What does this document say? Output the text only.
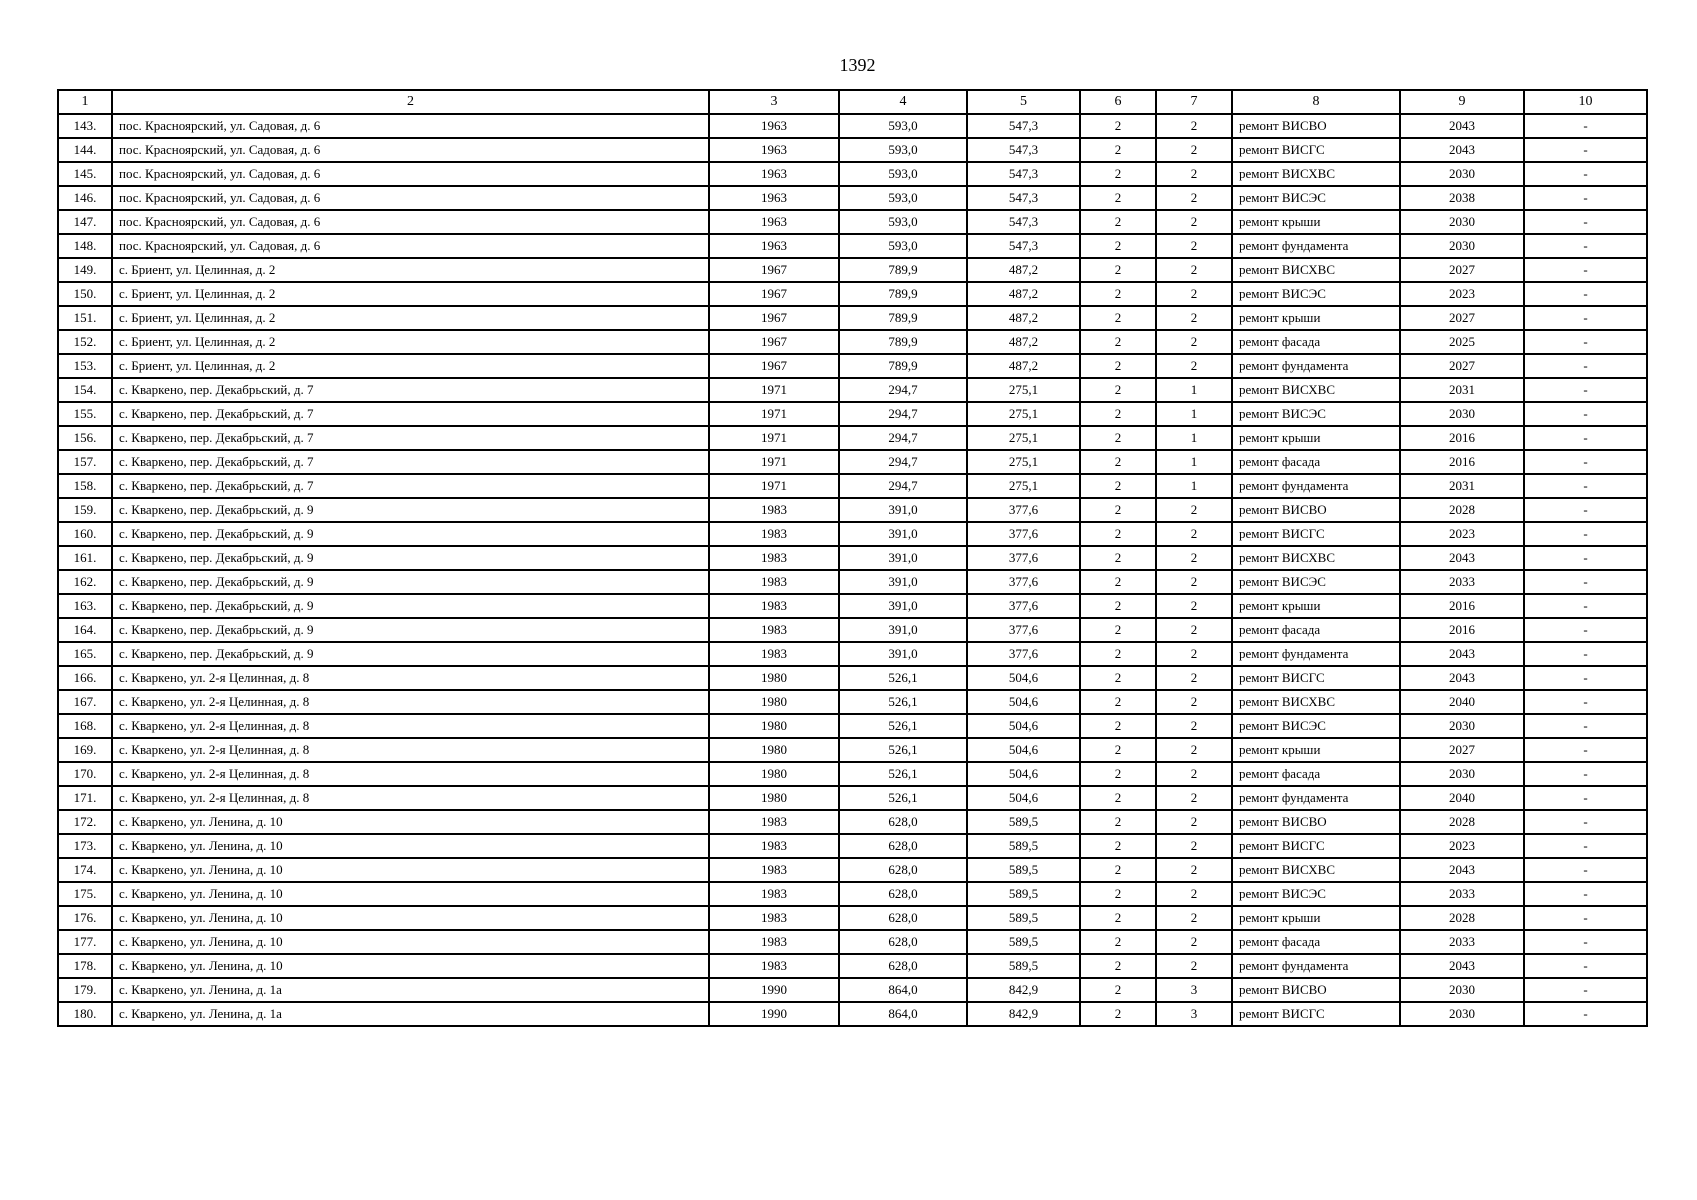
1392
1	2	3	4	5	6	7	8	9	10
143.	пос. Красноярский, ул. Садовая, д. 6	1963	593,0	547,3	2	2	ремонт ВИСВО	2043	-
144.	пос. Красноярский, ул. Садовая, д. 6	1963	593,0	547,3	2	2	ремонт ВИСГС	2043	-
145.	пос. Красноярский, ул. Садовая, д. 6	1963	593,0	547,3	2	2	ремонт ВИСХВС	2030	-
146.	пос. Красноярский, ул. Садовая, д. 6	1963	593,0	547,3	2	2	ремонт ВИСЭС	2038	-
147.	пос. Красноярский, ул. Садовая, д. 6	1963	593,0	547,3	2	2	ремонт крыши	2030	-
148.	пос. Красноярский, ул. Садовая, д. 6	1963	593,0	547,3	2	2	ремонт фундамента	2030	-
149.	с. Бриент, ул. Целинная, д. 2	1967	789,9	487,2	2	2	ремонт ВИСХВС	2027	-
150.	с. Бриент, ул. Целинная, д. 2	1967	789,9	487,2	2	2	ремонт ВИСЭС	2023	-
151.	с. Бриент, ул. Целинная, д. 2	1967	789,9	487,2	2	2	ремонт крыши	2027	-
152.	с. Бриент, ул. Целинная, д. 2	1967	789,9	487,2	2	2	ремонт фасада	2025	-
153.	с. Бриент, ул. Целинная, д. 2	1967	789,9	487,2	2	2	ремонт фундамента	2027	-
154.	с. Кваркено, пер. Декабрьский, д. 7	1971	294,7	275,1	2	1	ремонт ВИСХВС	2031	-
155.	с. Кваркено, пер. Декабрьский, д. 7	1971	294,7	275,1	2	1	ремонт ВИСЭС	2030	-
156.	с. Кваркено, пер. Декабрьский, д. 7	1971	294,7	275,1	2	1	ремонт крыши	2016	-
157.	с. Кваркено, пер. Декабрьский, д. 7	1971	294,7	275,1	2	1	ремонт фасада	2016	-
158.	с. Кваркено, пер. Декабрьский, д. 7	1971	294,7	275,1	2	1	ремонт фундамента	2031	-
159.	с. Кваркено, пер. Декабрьский, д. 9	1983	391,0	377,6	2	2	ремонт ВИСВО	2028	-
160.	с. Кваркено, пер. Декабрьский, д. 9	1983	391,0	377,6	2	2	ремонт ВИСГС	2023	-
161.	с. Кваркено, пер. Декабрьский, д. 9	1983	391,0	377,6	2	2	ремонт ВИСХВС	2043	-
162.	с. Кваркено, пер. Декабрьский, д. 9	1983	391,0	377,6	2	2	ремонт ВИСЭС	2033	-
163.	с. Кваркено, пер. Декабрьский, д. 9	1983	391,0	377,6	2	2	ремонт крыши	2016	-
164.	с. Кваркено, пер. Декабрьский, д. 9	1983	391,0	377,6	2	2	ремонт фасада	2016	-
165.	с. Кваркено, пер. Декабрьский, д. 9	1983	391,0	377,6	2	2	ремонт фундамента	2043	-
166.	с. Кваркено, ул. 2-я Целинная, д. 8	1980	526,1	504,6	2	2	ремонт ВИСГС	2043	-
167.	с. Кваркено, ул. 2-я Целинная, д. 8	1980	526,1	504,6	2	2	ремонт ВИСХВС	2040	-
168.	с. Кваркено, ул. 2-я Целинная, д. 8	1980	526,1	504,6	2	2	ремонт ВИСЭС	2030	-
169.	с. Кваркено, ул. 2-я Целинная, д. 8	1980	526,1	504,6	2	2	ремонт крыши	2027	-
170.	с. Кваркено, ул. 2-я Целинная, д. 8	1980	526,1	504,6	2	2	ремонт фасада	2030	-
171.	с. Кваркено, ул. 2-я Целинная, д. 8	1980	526,1	504,6	2	2	ремонт фундамента	2040	-
172.	с. Кваркено, ул. Ленина, д. 10	1983	628,0	589,5	2	2	ремонт ВИСВО	2028	-
173.	с. Кваркено, ул. Ленина, д. 10	1983	628,0	589,5	2	2	ремонт ВИСГС	2023	-
174.	с. Кваркено, ул. Ленина, д. 10	1983	628,0	589,5	2	2	ремонт ВИСХВС	2043	-
175.	с. Кваркено, ул. Ленина, д. 10	1983	628,0	589,5	2	2	ремонт ВИСЭС	2033	-
176.	с. Кваркено, ул. Ленина, д. 10	1983	628,0	589,5	2	2	ремонт крыши	2028	-
177.	с. Кваркено, ул. Ленина, д. 10	1983	628,0	589,5	2	2	ремонт фасада	2033	-
178.	с. Кваркено, ул. Ленина, д. 10	1983	628,0	589,5	2	2	ремонт фундамента	2043	-
179.	с. Кваркено, ул. Ленина, д. 1а	1990	864,0	842,9	2	3	ремонт ВИСВО	2030	-
180.	с. Кваркено, ул. Ленина, д. 1а	1990	864,0	842,9	2	3	ремонт ВИСГС	2030	-
